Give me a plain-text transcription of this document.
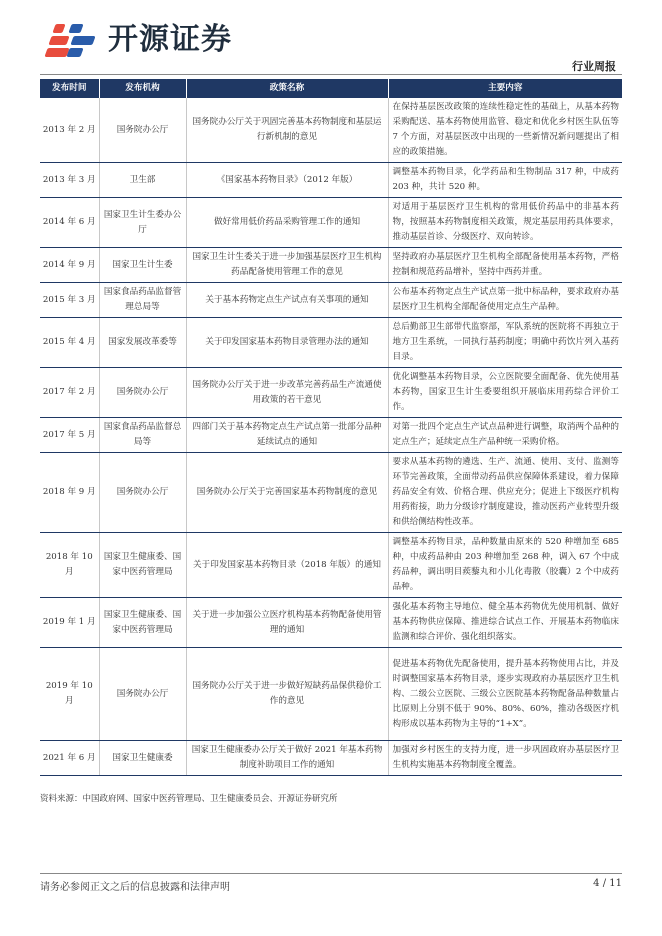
开源证券
行业周报
发布时间	发布机构	政策名称	主要内容
2013 年 2 月	国务院办公厅	国务院办公厅关于巩固完善基本药物制度和基层运行新机制的意见	在保持基层医改政策的连续性稳定性的基础上，从基本药物采购配送、基本药物使用监管、稳定和优化乡村医生队伍等 7 个方面，对基层医改中出现的一些新情况新问题提出了相应的政策措施。
2013 年 3 月	卫生部	《国家基本药物目录》（2012 年版）	调整基本药物目录，化学药品和生物制品 317 种，中成药 203 种，共计 520 种。
2014 年 6 月	国家卫生计生委办公厅	做好常用低价药品采购管理工作的通知	对适用于基层医疗卫生机构的常用低价药品中的非基本药物，按照基本药物制度相关政策，规定基层用药具体要求，推动基层首诊、分级医疗、双向转诊。
2014 年 9 月	国家卫生计生委	国家卫生计生委关于进一步加强基层医疗卫生机构药品配备使用管理工作的意见	坚持政府办基层医疗卫生机构全部配备使用基本药物，严格控制和规范药品增补，坚持中西药并重。
2015 年 3 月	国家食品药品监督管理总局等	关于基本药物定点生产试点有关事项的通知	公布基本药物定点生产试点第一批中标品种，要求政府办基层医疗卫生机构全部配备使用定点生产品种。
2015 年 4 月	国家发展改革委等	关于印发国家基本药物目录管理办法的通知	总后勤部卫生部带代监察部，军队系统的医院将不再独立于地方卫生系统，一同执行基药制度；明确中药饮片列入基药目录。
2017 年 2 月	国务院办公厅	国务院办公厅关于进一步改革完善药品生产流通使用政策的若干意见	优化调整基本药物目录，公立医院要全面配备、优先使用基本药物，国家卫生计生委要组织开展临床用药综合评价工作。
2017 年 5 月	国家食品药品监督总局等	四部门关于基本药物定点生产试点第一批部分品种延续试点的通知	对第一批四个定点生产试点品种进行调整，取消两个品种的定点生产；延续定点生产品种统一采购价格。
2018 年 9 月	国务院办公厅	国务院办公厅关于完善国家基本药物制度的意见	要求从基本药物的遴选、生产、流通、使用、支付、监测等环节完善政策，全面带动药品供应保障体系建设，着力保障药品安全有效、价格合理、供应充分；促进上下级医疗机构用药衔接，助力分级诊疗制度建设，推动医药产业转型升级和供给侧结构性改革。
2018 年 10 月	国家卫生健康委、国家中医药管理局	关于印发国家基本药物目录（2018 年版）的通知	调整基本药物目录，品种数量由原来的 520 种增加至 685 种，中成药品种由 203 种增加至 268 种，调入 67 个中成药品种，调出明目蒺藜丸和小儿化毒散（胶囊）2 个中成药品种。
2019 年 1 月	国家卫生健康委、国家中医药管理局	关于进一步加强公立医疗机构基本药物配备使用管理的通知	强化基本药物主导地位、健全基本药物优先使用机制、做好基本药物供应保障、推进综合试点工作、开展基本药物临床监测和综合评价、强化组织落实。
2019 年 10 月	国务院办公厅	国务院办公厅关于进一步做好短缺药品保供稳价工作的意见	促进基本药物优先配备使用，提升基本药物使用占比，并及时调整国家基本药物目录，逐步实现政府办基层医疗卫生机构、二级公立医院、三级公立医院基本药物配备品种数量占比原则上分别不低于 90%、80%、60%，推动各级医疗机构形成以基本药物为主导的“1+X”。
2021 年 6 月	国家卫生健康委	国家卫生健康委办公厅关于做好 2021 年基本药物制度补助项目工作的通知	加强对乡村医生的支持力度，进一步巩固政府办基层医疗卫生机构实施基本药物制度全覆盖。
资料来源：中国政府网、国家中医药管理局、卫生健康委员会、开源证券研究所
请务必参阅正文之后的信息披露和法律声明	4 / 11
